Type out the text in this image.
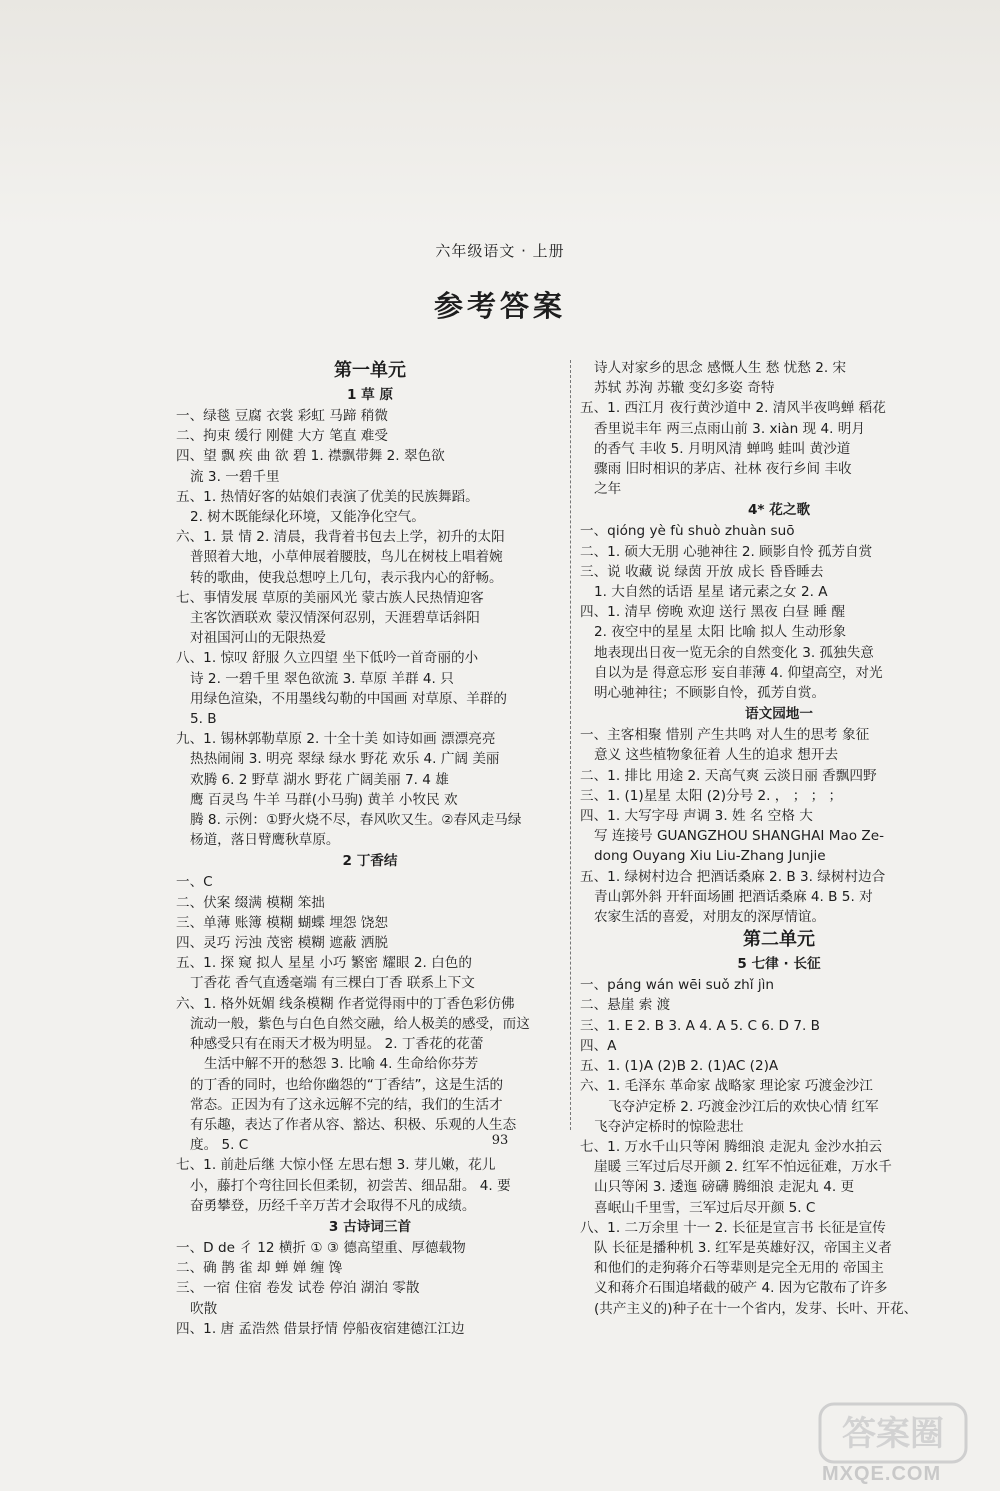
六年级语文 · 上册
参考答案
第一单元
1 草 原
一、绿毯 豆腐 衣裳 彩虹 马蹄 稍微
二、拘束 缓行 刚健 大方 笔直 难受
四、望 飘 疾 曲 欲 碧 1. 襟飘带舞 2. 翠色欲
流 3. 一碧千里
五、1. 热情好客的姑娘们表演了优美的民族舞蹈。
2. 树木既能绿化环境，又能净化空气。
六、1. 景 情 2. 清晨，我背着书包去上学，初升的太阳
普照着大地，小草伸展着腰肢，鸟儿在树枝上唱着婉
转的歌曲，使我总想哼上几句，表示我内心的舒畅。
七、事情发展 草原的美丽风光 蒙古族人民热情迎客
主客饮酒联欢 蒙汉情深何忍别，天涯碧草话斜阳
对祖国河山的无限热爱
八、1. 惊叹 舒服 久立四望 坐下低吟一首奇丽的小
诗 2. 一碧千里 翠色欲流 3. 草原 羊群 4. 只
用绿色渲染，不用墨线勾勒的中国画 对草原、羊群的
5. B
九、1. 锡林郭勒草原 2. 十全十美 如诗如画 漂漂亮亮
热热闹闹 3. 明亮 翠绿 绿水 野花 欢乐 4. 广阔 美丽
欢腾 6. 2 野草 湖水 野花 广阔美丽 7. 4 雄
鹰 百灵鸟 牛羊 马群(小马驹) 黄羊 小牧民 欢
腾 8. 示例：①野火烧不尽，春风吹又生。②春风走马绿
杨道，落日臂鹰秋草原。
2 丁香结
一、C
二、伏案 缀满 模糊 笨拙
三、单薄 账簿 模糊 蝴蝶 埋怨 饶恕
四、灵巧 污浊 茂密 模糊 遮蔽 洒脱
五、1. 探 窥 拟人 星星 小巧 繁密 耀眼 2. 白色的
丁香花 香气直透毫端 有三棵白丁香 联系上下文
六、1. 格外妩媚 线条模糊 作者觉得雨中的丁香色彩仿佛
流动一般，紫色与白色自然交融，给人极美的感受，而这
种感受只有在雨天才极为明显。 2. 丁香花的花蕾
生活中解不开的愁怨 3. 比喻 4. 生命给你芬芳
的丁香的同时，也给你幽怨的“丁香结”，这是生活的
常态。正因为有了这永远解不完的结，我们的生活才
有乐趣，表达了作者从容、豁达、积极、乐观的人生态
度。 5. C
七、1. 前赴后继 大惊小怪 左思右想 3. 芽儿嫩，花儿
小，藤打个弯往回长但柔韧，初尝苦、细品甜。 4. 要
奋勇攀登，历经千辛万苦才会取得不凡的成绩。
3 古诗词三首
一、D de 彳 12 横折 ① ③ 德高望重、厚德载物
二、确 鹊 雀 却 蝉 婵 缠 馋
三、一宿 住宿 卷发 试卷 停泊 湖泊 零散
吹散
四、1. 唐 孟浩然 借景抒情 停船夜宿建德江江边
诗人对家乡的思念 感慨人生 愁 忧愁 2. 宋
苏轼 苏洵 苏辙 变幻多姿 奇特
五、1. 西江月 夜行黄沙道中 2. 清风半夜鸣蝉 稻花
香里说丰年 两三点雨山前 3. xiàn 现 4. 明月
的香气 丰收 5. 月明风清 蝉鸣 蛙叫 黄沙道
骤雨 旧时相识的茅店、社林 夜行乡间 丰收
之年
4* 花之歌
一、qióng yè fù shuò zhuàn suō
二、1. 硕大无朋 心驰神往 2. 顾影自怜 孤芳自赏
三、说 收藏 说 绿茵 开放 成长 昏昏睡去
1. 大自然的话语 星星 诸元素之女 2. A
四、1. 清早 傍晚 欢迎 送行 黑夜 白昼 睡 醒
2. 夜空中的星星 太阳 比喻 拟人 生动形象
地表现出日夜一览无余的自然变化 3. 孤独失意
自以为是 得意忘形 妄自菲薄 4. 仰望高空，对光
明心驰神往；不顾影自怜，孤芳自赏。
语文园地一
一、主客相聚 惜别 产生共鸣 对人生的思考 象征
意义 这些植物象征着 人生的追求 想开去
二、1. 排比 用途 2. 天高气爽 云淡日丽 香飘四野
三、1. (1)星星 太阳 (2)分号 2. ， ； ； ；
四、1. 大写字母 声调 3. 姓 名 空格 大
写 连接号 GUANGZHOU SHANGHAI Mao Ze-
dong Ouyang Xiu Liu-Zhang Junjie
五、1. 绿树村边合 把酒话桑麻 2. B 3. 绿树村边合
青山郭外斜 开轩面场圃 把酒话桑麻 4. B 5. 对
农家生活的喜爱，对朋友的深厚情谊。
第二单元
5 七律 · 长征
一、páng wán wēi suǒ zhǐ jìn
二、悬崖 索 渡
三、1. E 2. B 3. A 4. A 5. C 6. D 7. B
四、A
五、1. (1)A (2)B 2. (1)AC (2)A
六、1. 毛泽东 革命家 战略家 理论家 巧渡金沙江
飞夺泸定桥 2. 巧渡金沙江后的欢快心情 红军
飞夺泸定桥时的惊险悲壮
七、1. 万水千山只等闲 腾细浪 走泥丸 金沙水拍云
崖暖 三军过后尽开颜 2. 红军不怕远征难，万水千
山只等闲 3. 逶迤 磅礴 腾细浪 走泥丸 4. 更
喜岷山千里雪，三军过后尽开颜 5. C
八、1. 二万余里 十一 2. 长征是宣言书 长征是宣传
队 长征是播种机 3. 红军是英雄好汉，帝国主义者
和他们的走狗蒋介石等辈则是完全无用的 帝国主
义和蒋介石围追堵截的破产 4. 因为它散布了许多
(共产主义的)种子在十一个省内，发芽、长叶、开花、
93
答案圈
MXQE.COM
